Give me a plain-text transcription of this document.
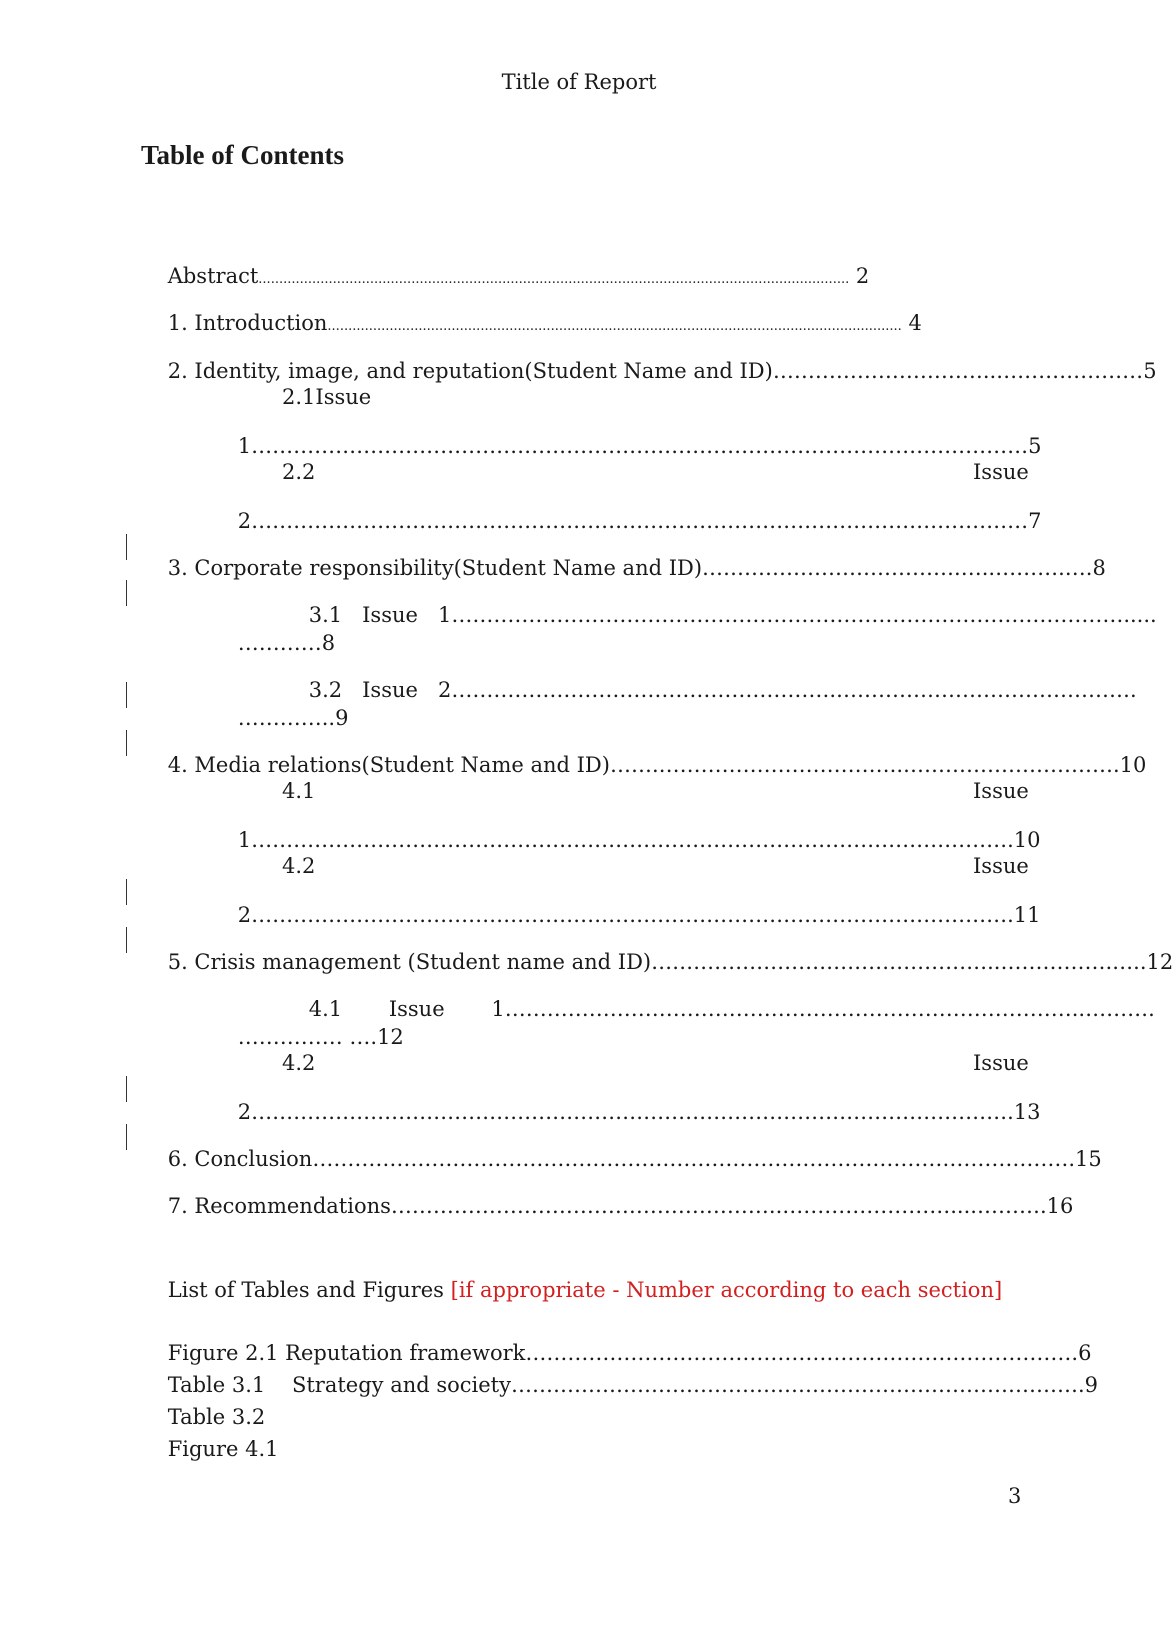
Title of Report
Table of Contents

Abstract............................................................................................................................................... 2

1. Introduction........................................................................................................................................... 4

2. Identity, image, and reputation(Student Name and ID)…………………………..…………………5

2.1Issue

1…………………………………………………………………………………………………5

2.2	Issue

2…………………………………………………………………………………………………7

3. Corporate responsibility(Student Name and ID)……………………………….…..……….….8

3.1   Issue   1…………………………………………………………………………………….....

…………8

3.2   Issue   2……………………………………………….…………………………………….

…………..9

4. Media relations(Student Name and ID)…….……………………………..………………………….10

4.1	Issue

1……………………………………………………………………………………………….10

4.2	Issue

2……………………………………………………………………………………………….11

5. Crisis management (Student name and ID)…………………………………………..…………….…..12

4.1       Issue       1………………………………………………………………………..……….

…………… ….12

4.2	Issue

2……………………………………………………………………………………………….13

6. Conclusion……………………………………………………………………………………………….15

7. Recommendations………………………………………………..……………………....……….16

List of Tables and Figures [if appropriate - Number according to each section]

Figure 2.1 Reputation framework…………………………………………………………………….6

Table 3.1    Strategy and society……………………………………………………………………….9

Table 3.2

Figure 4.1

3
